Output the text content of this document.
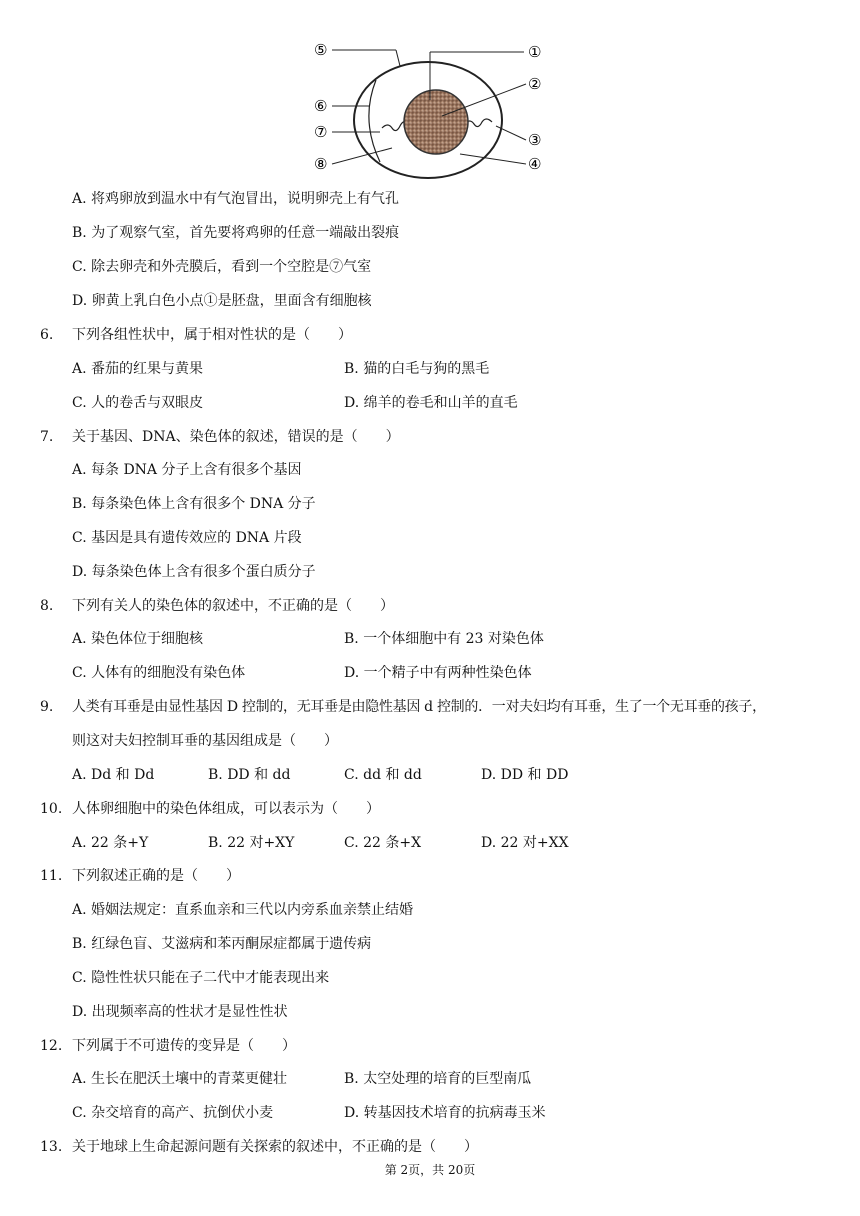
⑤
⑥
⑦
⑧
①
②
③
④
A. 将鸡卵放到温水中有气泡冒出，说明卵壳上有气孔
B. 为了观察气室，首先要将鸡卵的任意一端敲出裂痕
C. 除去卵壳和外壳膜后，看到一个空腔是⑦气室
D. 卵黄上乳白色小点①是胚盘，里面含有细胞核
6. 下列各组性状中，属于相对性状的是（　　）
A. 番茄的红果与黄果	B. 猫的白毛与狗的黑毛
C. 人的卷舌与双眼皮	D. 绵羊的卷毛和山羊的直毛
7. 关于基因、DNA、染色体的叙述，错误的是（　　）
A. 每条 DNA 分子上含有很多个基因
B. 每条染色体上含有很多个 DNA 分子
C. 基因是具有遗传效应的 DNA 片段
D. 每条染色体上含有很多个蛋白质分子
8. 下列有关人的染色体的叙述中，不正确的是（　　）
A. 染色体位于细胞核	B. 一个体细胞中有 23 对染色体
C. 人体有的细胞没有染色体	D. 一个精子中有两种性染色体
9. 人类有耳垂是由显性基因 D 控制的，无耳垂是由隐性基因 d 控制的．一对夫妇均有耳垂，生了一个无耳垂的孩子，
则这对夫妇控制耳垂的基因组成是（　　）
A. Dd 和 Dd	B. DD 和 dd	C. dd 和 dd	D. DD 和 DD
10. 人体卵细胞中的染色体组成，可以表示为（　　）
A. 22 条+Y	B. 22 对+XY	C. 22 条+X	D. 22 对+XX
11. 下列叙述正确的是（　　）
A. 婚姻法规定：直系血亲和三代以内旁系血亲禁止结婚
B. 红绿色盲、艾滋病和苯丙酮尿症都属于遗传病
C. 隐性性状只能在子二代中才能表现出来
D. 出现频率高的性状才是显性性状
12. 下列属于不可遗传的变异是（　　）
A. 生长在肥沃土壤中的青菜更健壮	B. 太空处理的培育的巨型南瓜
C. 杂交培育的高产、抗倒伏小麦	D. 转基因技术培育的抗病毒玉米
13. 关于地球上生命起源问题有关探索的叙述中，不正确的是（　　）
第 2页，共 20页
